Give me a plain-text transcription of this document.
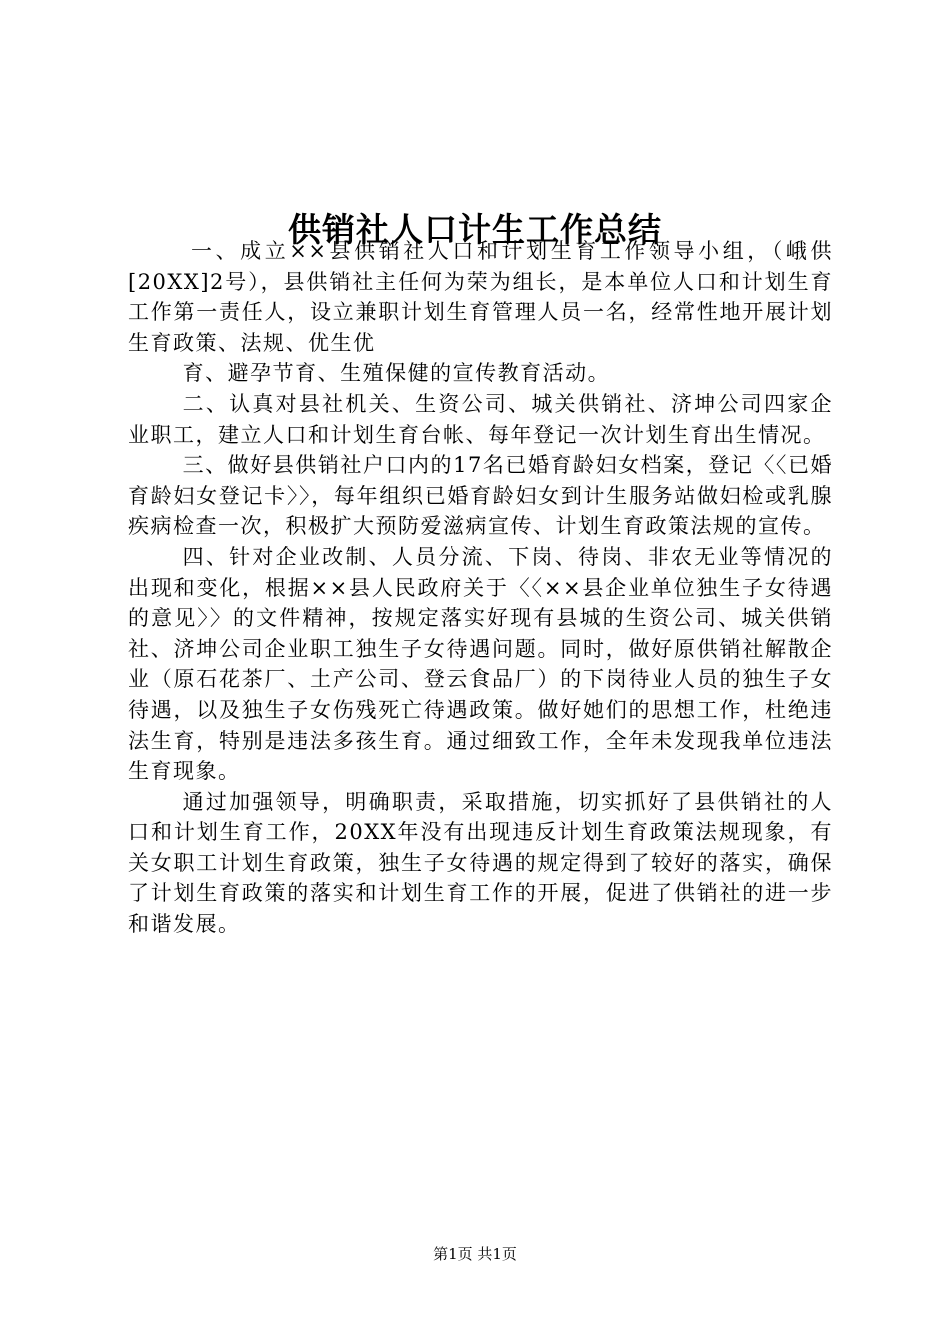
供销社人口计生工作总结

一、成立××县供销社人口和计划生育工作领导小组，（峨供[20XX]2号），县供销社主任何为荣为组长，是本单位人口和计划生育工作第一责任人，设立兼职计划生育管理人员一名，经常性地开展计划生育政策、法规、优生优

育、避孕节育、生殖保健的宣传教育活动。

二、认真对县社机关、生资公司、城关供销社、济坤公司四家企业职工，建立人口和计划生育台帐、每年登记一次计划生育出生情况。

三、做好县供销社户口内的17名已婚育龄妇女档案，登记〈〈已婚育龄妇女登记卡〉〉，每年组织已婚育龄妇女到计生服务站做妇检或乳腺疾病检查一次，积极扩大预防爱滋病宣传、计划生育政策法规的宣传。

四、针对企业改制、人员分流、下岗、待岗、非农无业等情况的出现和变化，根据××县人民政府关于〈〈××县企业单位独生子女待遇的意见〉〉的文件精神，按规定落实好现有县城的生资公司、城关供销社、济坤公司企业职工独生子女待遇问题。同时，做好原供销社解散企业（原石花茶厂、土产公司、登云食品厂）的下岗待业人员的独生子女待遇，以及独生子女伤残死亡待遇政策。做好她们的思想工作，杜绝违法生育，特别是违法多孩生育。通过细致工作，全年未发现我单位违法生育现象。

通过加强领导，明确职责，采取措施，切实抓好了县供销社的人口和计划生育工作，20XX年没有出现违反计划生育政策法规现象，有关女职工计划生育政策，独生子女待遇的规定得到了较好的落实，确保了计划生育政策的落实和计划生育工作的开展，促进了供销社的进一步和谐发展。

第1页 共1页
